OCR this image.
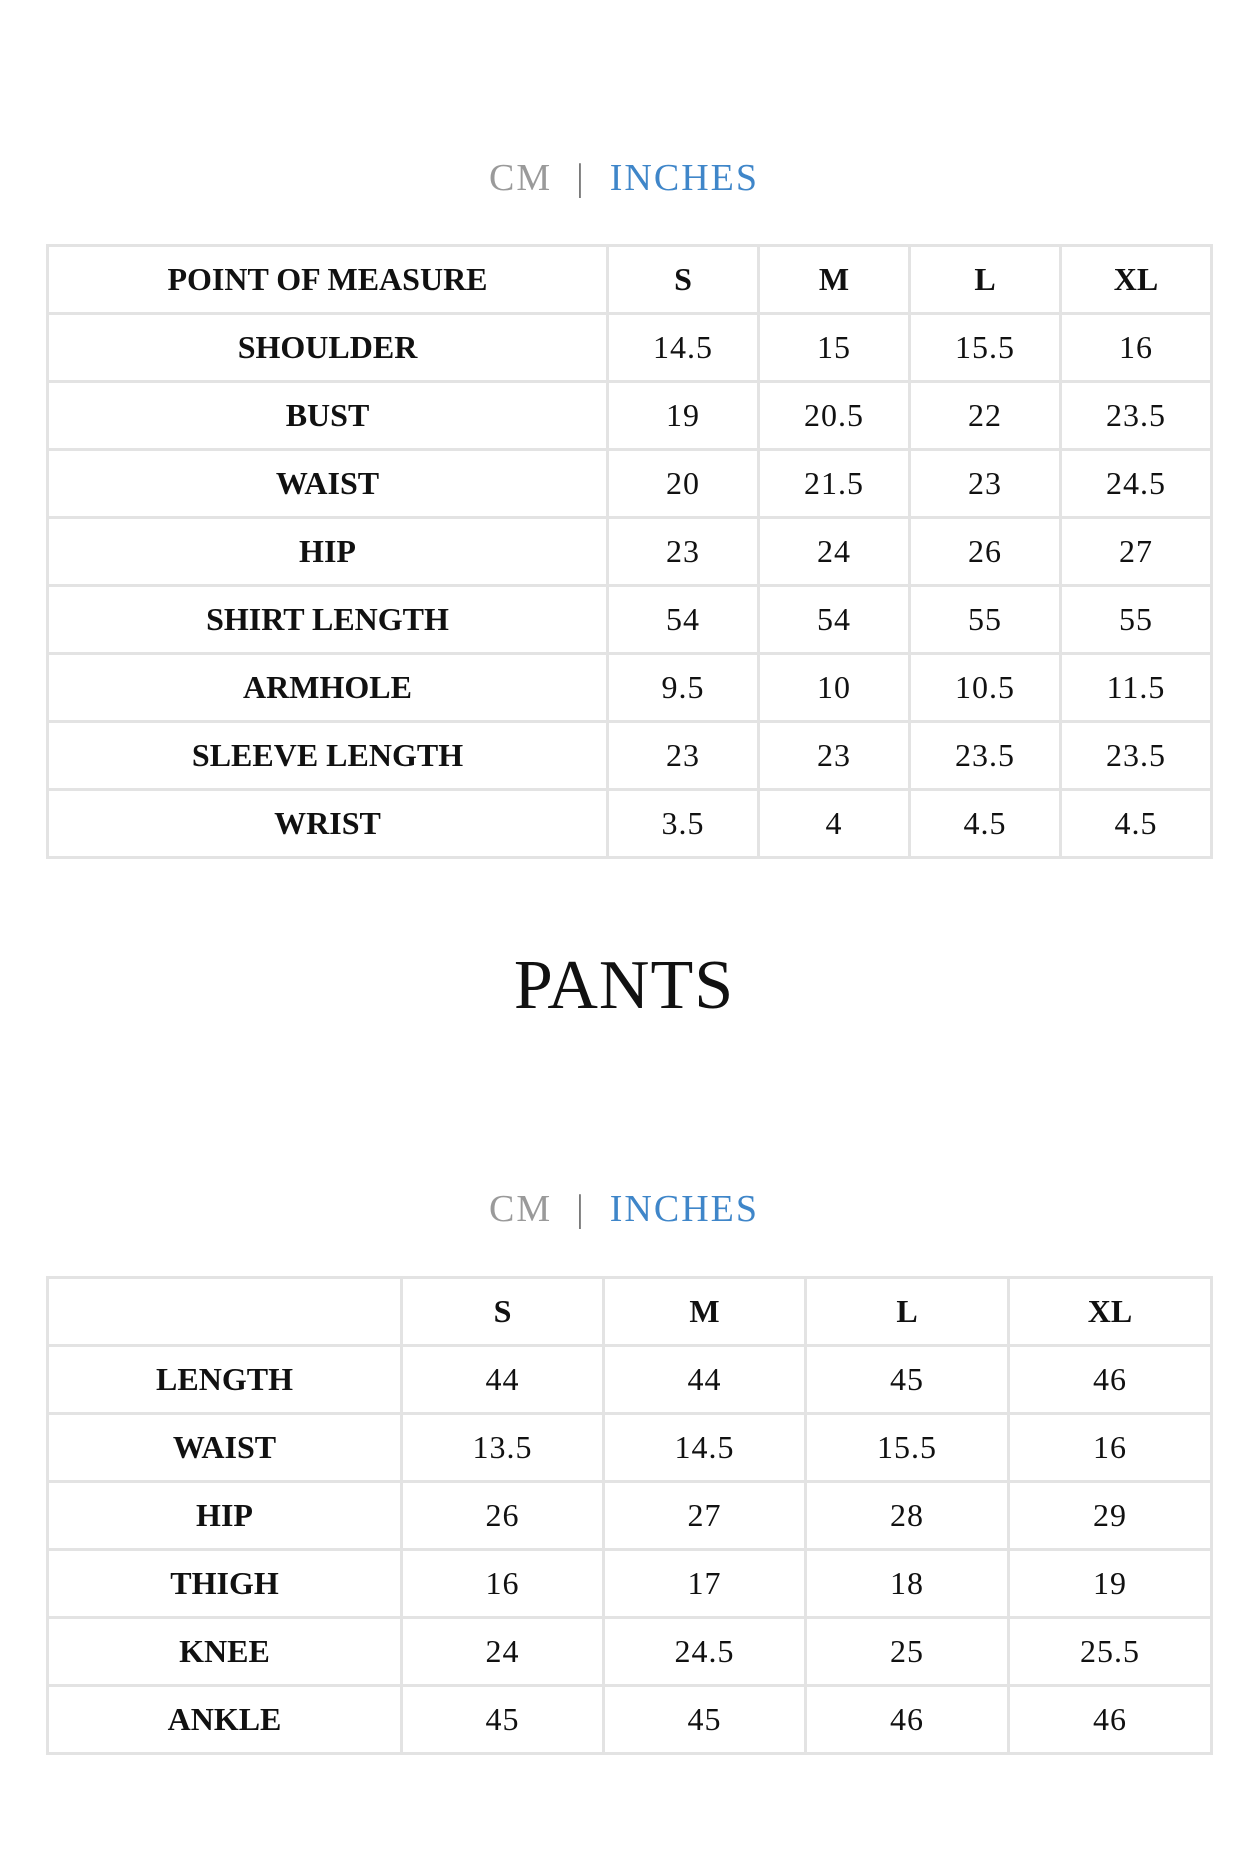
CM | INCHES
POINT OF MEASURE	S	M	L	XL
SHOULDER	14.5	15	15.5	16
BUST	19	20.5	22	23.5
WAIST	20	21.5	23	24.5
HIP	23	24	26	27
SHIRT LENGTH	54	54	55	55
ARMHOLE	9.5	10	10.5	11.5
SLEEVE LENGTH	23	23	23.5	23.5
WRIST	3.5	4	4.5	4.5
PANTS
CM | INCHES
	S	M	L	XL
LENGTH	44	44	45	46
WAIST	13.5	14.5	15.5	16
HIP	26	27	28	29
THIGH	16	17	18	19
KNEE	24	24.5	25	25.5
ANKLE	45	45	46	46
